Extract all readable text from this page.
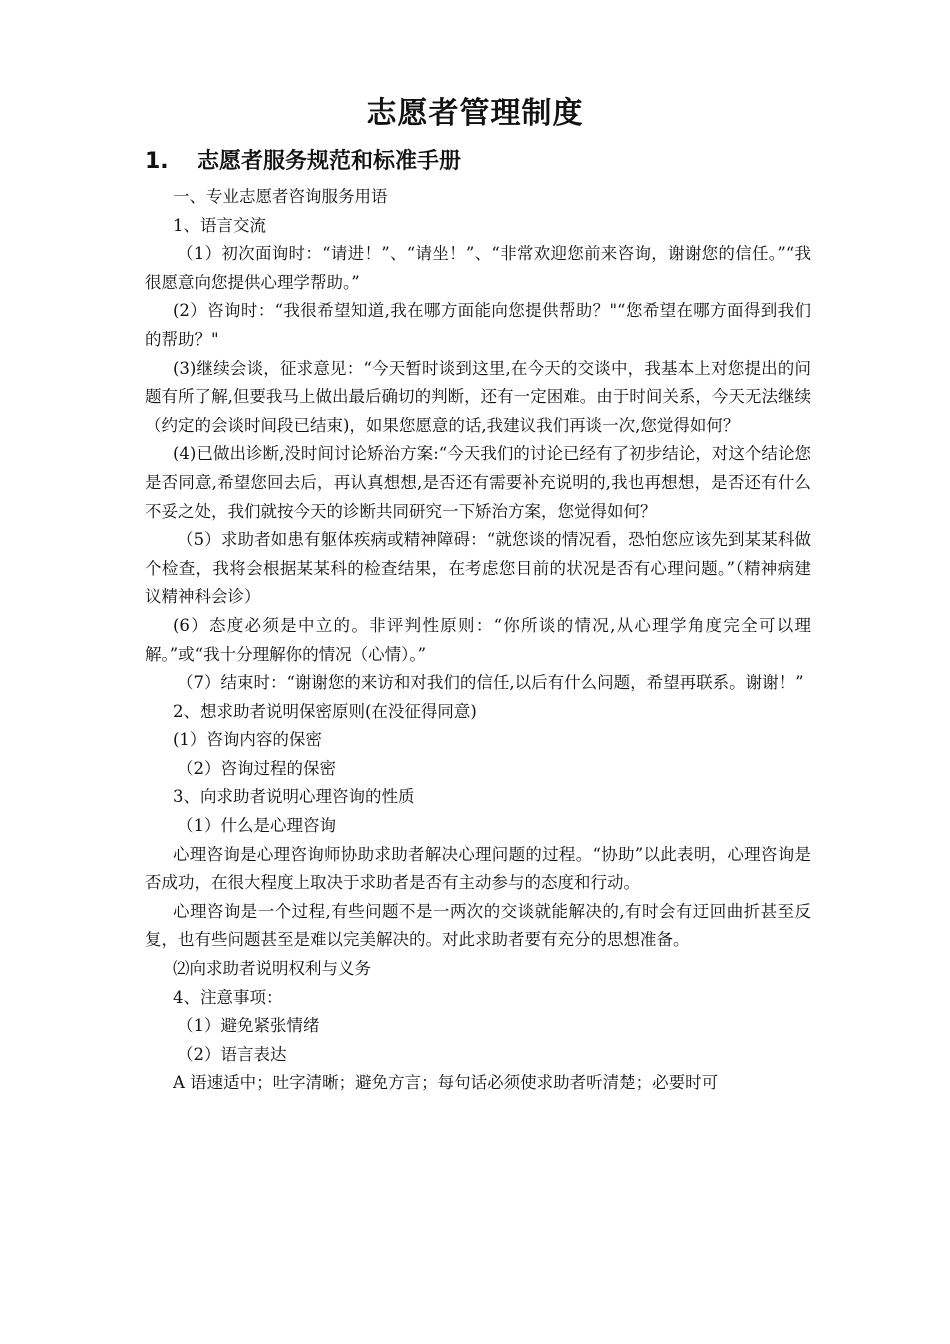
志愿者管理制度
1. 志愿者服务规范和标准手册

一、专业志愿者咨询服务用语

1、语言交流

（1）初次面询时：“请进！”、“请坐！”、“非常欢迎您前来咨询，谢谢您的信任。”“我很愿意向您提供心理学帮助。”

(2）咨询时：“我很希望知道,我在哪方面能向您提供帮助？"“您希望在哪方面得到我们的帮助？"

(3)继续会谈，征求意见：“今天暂时谈到这里,在今天的交谈中，我基本上对您提出的问题有所了解,但要我马上做出最后确切的判断，还有一定困难。由于时间关系，今天无法继续（约定的会谈时间段已结束)，如果您愿意的话,我建议我们再谈一次,您觉得如何？

(4)已做出诊断,没时间讨论矫治方案:“今天我们的讨论已经有了初步结论，对这个结论您是否同意,希望您回去后，再认真想想,是否还有需要补充说明的,我也再想想，是否还有什么不妥之处，我们就按今天的诊断共同研究一下矫治方案，您觉得如何？

（5）求助者如患有躯体疾病或精神障碍：“就您谈的情况看，恐怕您应该先到某某科做个检查，我将会根据某某科的检查结果，在考虑您目前的状况是否有心理问题。”（精神病建议精神科会诊）

(6）态度必须是中立的。非评判性原则：“你所谈的情况,从心理学角度完全可以理解。”或“我十分理解你的情况（心情）。”

（7）结束时：“谢谢您的来访和对我们的信任,以后有什么问题，希望再联系。谢谢！”

2、想求助者说明保密原则(在没征得同意)

(1）咨询内容的保密

（2）咨询过程的保密

3、向求助者说明心理咨询的性质

（1）什么是心理咨询

心理咨询是心理咨询师协助求助者解决心理问题的过程。“协助”以此表明，心理咨询是否成功，在很大程度上取决于求助者是否有主动参与的态度和行动。

心理咨询是一个过程,有些问题不是一两次的交谈就能解决的,有时会有迂回曲折甚至反复，也有些问题甚至是难以完美解决的。对此求助者要有充分的思想准备。

⑵向求助者说明权利与义务

4、注意事项：

（1）避免紧张情绪

（2）语言表达

A 语速适中；吐字清晰；避免方言；每句话必须使求助者听清楚；必要时可
